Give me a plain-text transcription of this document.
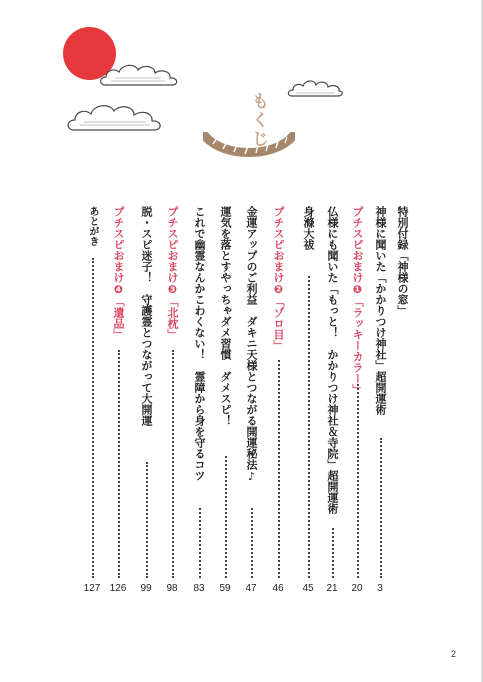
もくじ
特別付録「神様の窓」
神様に聞いた「かかりつけ神社」超開運術
3
プチスピおまけ❶「ラッキーカラー」
20
仏様にも聞いた「もっと！　かかりつけ神社＆寺院」超開運術
21
身滌大祓
45
プチスピおまけ❷「ゾロ目」
46
金運アップのご利益　ダキニ天様とつながる開運秘法♪
47
運気を落とすやっちゃダメ習慣　ダメスピ！
59
これで幽霊なんかこわくない！　霊障から身を守るコツ
83
プチスピおまけ❸「北枕」
98
脱・スピ迷子！　守護霊とつながって大開運
99
プチスピおまけ❹「遺品」
126
あとがき
127
2
